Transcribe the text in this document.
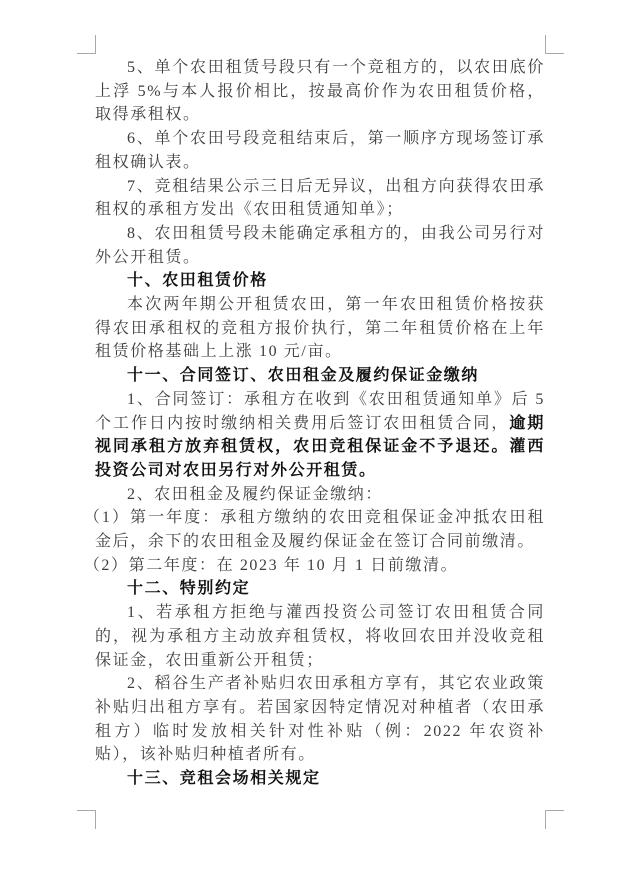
5、单个农田租赁号段只有一个竞租方的，以农田底价上浮 5%与本人报价相比，按最高价作为农田租赁价格，取得承租权。

6、单个农田号段竞租结束后，第一顺序方现场签订承租权确认表。

7、竞租结果公示三日后无异议，出租方向获得农田承租权的承租方发出《农田租赁通知单》；

8、农田租赁号段未能确定承租方的，由我公司另行对外公开租赁。

十、农田租赁价格

本次两年期公开租赁农田，第一年农田租赁价格按获得农田承租权的竞租方报价执行，第二年租赁价格在上年租赁价格基础上上涨 10 元/亩。

十一、合同签订、农田租金及履约保证金缴纳

1、合同签订：承租方在收到《农田租赁通知单》后 5 个工作日内按时缴纳相关费用后签订农田租赁合同，逾期视同承租方放弃租赁权，农田竞租保证金不予退还。灌西投资公司对农田另行对外公开租赁。

2、农田租金及履约保证金缴纳：

（1）第一年度：承租方缴纳的农田竞租保证金冲抵农田租金后，余下的农田租金及履约保证金在签订合同前缴清。

（2）第二年度：在 2023 年 10 月 1 日前缴清。

十二、特别约定

1、若承租方拒绝与灌西投资公司签订农田租赁合同的，视为承租方主动放弃租赁权，将收回农田并没收竞租保证金，农田重新公开租赁；

2、稻谷生产者补贴归农田承租方享有，其它农业政策补贴归出租方享有。若国家因特定情况对种植者（农田承租方）临时发放相关针对性补贴（例：2022 年农资补贴），该补贴归种植者所有。

十三、竞租会场相关规定
